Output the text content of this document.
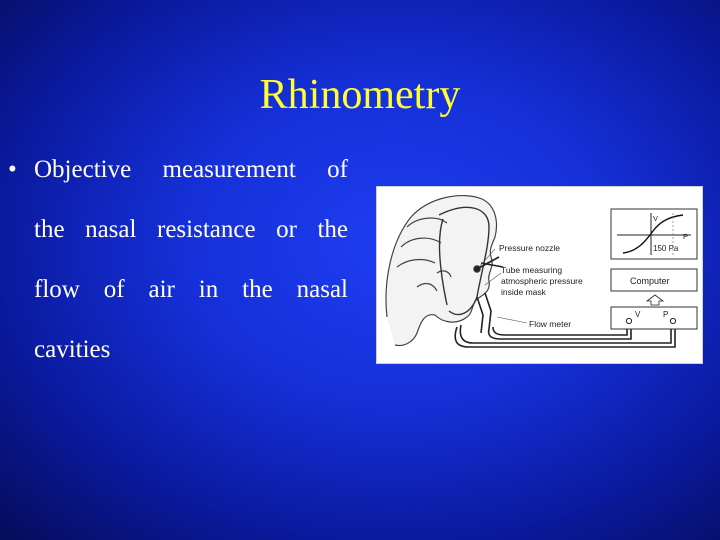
Rhinometry
• Objective measurement of
the nasal resistance or the
flow of air in the nasal
cavities
Pressure nozzle
Tube measuring
atmospheric pressure
inside mask
Flow meter
V
P
150 Pa
Computer
V	P
